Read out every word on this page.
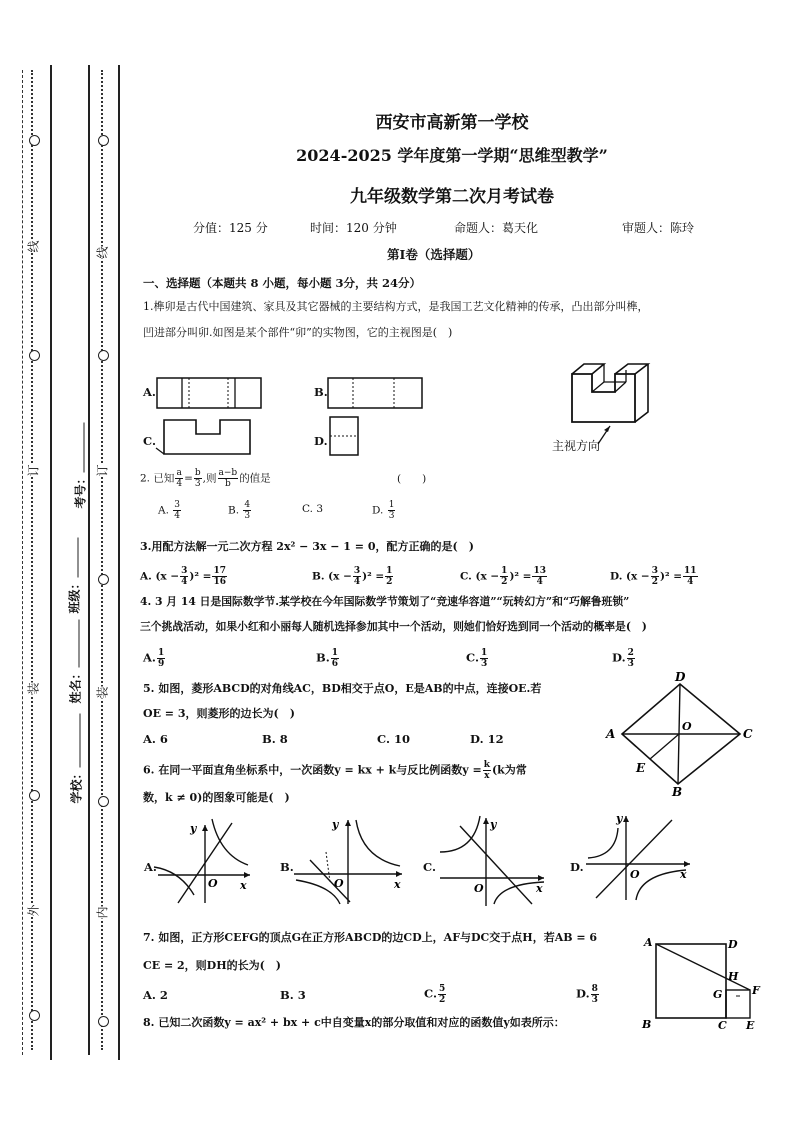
线
订
装
外
线
订
装
内
考号：
班级：
姓名：
学校：
西安市高新第一学校
2024-2025 学年度第一学期“思维型教学”
九年级数学第二次月考试卷
分值：125 分	时间：120 分钟	命题人：葛天化	审题人：陈玲
第Ⅰ卷（选择题）
一、选择题（本题共 8 小题，每小题 3分，共 24分）
1.榫卯是古代中国建筑、家具及其它器械的主要结构方式，是我国工艺文化精神的传承，凸出部分叫榫，
凹进部分叫卯.如图是某个部件“卯”的实物图，它的主视图是(　)
A.	B.
主视方向
C.	D.
2. 已知 $\frac{a}{4} = \frac{b}{3}$ ,则 $\frac{a-b}{b}$ 的值是	(　　)
A. $\frac{3}{4}$	B. $\frac{4}{3}$	C. 3	D. $\frac{1}{3}$
3.用配方法解一元二次方程 2x² − 3x − 1 = 0，配方正确的是(　)
A. $(x - \frac{3}{4} )^2 = \frac{17}{16}$	B. $(x - \frac{3}{4} )^2 = \frac{1}{2}$	C. $(x - \frac{1}{2} )^2 = \frac{13}{4}$	D. $(x - \frac{3}{2} )^2 = \frac{11}{4}$
4. 3 月 14 日是国际数学节.某学校在今年国际数学节策划了“竞速华容道”“玩转幻方”和“巧解鲁班锁”
三个挑战活动，如果小红和小丽每人随机选择参加其中一个活动，则她们恰好选到同一个活动的概率是(　)
A. $\frac{1}{9}$	B. $\frac{1}{6}$	C. $\frac{1}{3}$	D. $\frac{2}{3}$
5. 如图，菱形ABCD的对角线AC，BD相交于点O，E是AB的中点，连接OE.若
OE = 3，则菱形的边长为(　)
A. 6	B. 8	C. 10	D. 12
D
A	C
B
E
O
6. 在同一平面直角坐标系中，一次函数y = kx + k与反比例函数$y = \frac{k}{x} (k$为常
数，k ≠ 0)的图象可能是(　)
A.
y
x
O
B.
y
x
O
C.
y
x
O
D.
y
x
O
7. 如图，正方形CEFG的顶点G在正方形ABCD的边CD上，AF与DC交于点H，若AB = 6
CE = 2，则DH的长为(　)
A. 2	B. 3	C. $\frac{5}{2}$	D. $\frac{8}{3}$
A	D
H
G	F
B	C E
8. 已知二次函数y = ax² + bx + c中自变量x的部分取值和对应的函数值y如表所示：
